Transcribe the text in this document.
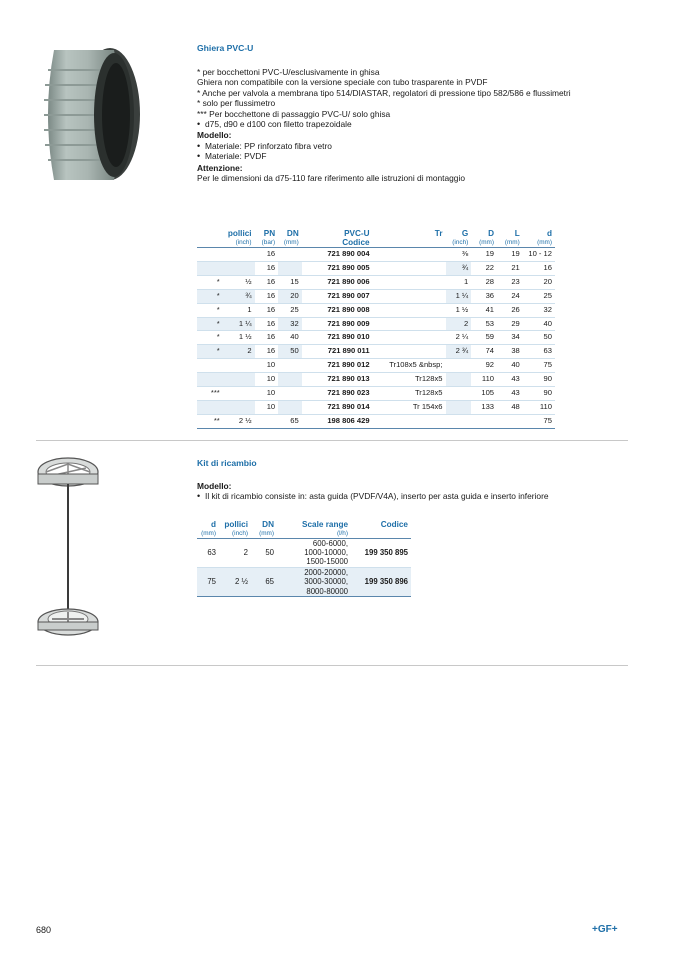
Ghiera PVC-U

* per bocchettoni PVC-U/esclusivamente in ghisa

Ghiera non compatibile con la versione speciale con tubo trasparente in PVDF

* Anche per valvola a membrana tipo 514/DIASTAR, regolatori di pressione tipo 582/586 e flussimetri

* solo per flussimetro

*** Per bocchettone di passaggio PVC-U/ solo ghisa

• d75, d90 e d100 con filetto trapezoidale

Modello:

• Materiale: PP rinforzato fibra vetro

• Materiale: PVDF

Attenzione:

Per le dimensioni da d75-110 fare riferimento alle istruzioni di montaggio

	pollici	PN	DN	PVC-U	Tr	G	D	L	d
	(inch)	(bar)	(mm)	Codice		(inch)	(mm)	(mm)	(mm)
		16		721 890 004		⅜	19	19	10 - 12
		16		721 890 005		¾	22	21	16
*	½	16	15	721 890 006		1	28	23	20
*	¾	16	20	721 890 007		1 ¼	36	24	25
*	1	16	25	721 890 008		1 ½	41	26	32
*	1 ¼	16	32	721 890 009		2	53	29	40
*	1 ½	16	40	721 890 010		2 ¼	59	34	50
*	2	16	50	721 890 011		2 ¾	74	38	63
		10		721 890 012	Tr108x5 &nbsp;		92	40	75
		10		721 890 013	Tr128x5		110	43	90
***		10		721 890 023	Tr128x5		105	43	90
		10		721 890 014	Tr 154x6		133	48	110
**	2 ½		65	198 806 429					75
Kit di ricambio

Modello:

• Il kit di ricambio consiste in: asta guida (PVDF/V4A), inserto per asta guida e inserto inferiore

d	pollici	DN	Scale range	Codice
(mm)	(inch)	(mm)	(l/h)	
63	2	50	600-6000,
1000-10000,
1500-15000	199 350 895
75	2 ½	65	2000-20000,
3000-30000,
8000-80000	199 350 896
680	+GF+
